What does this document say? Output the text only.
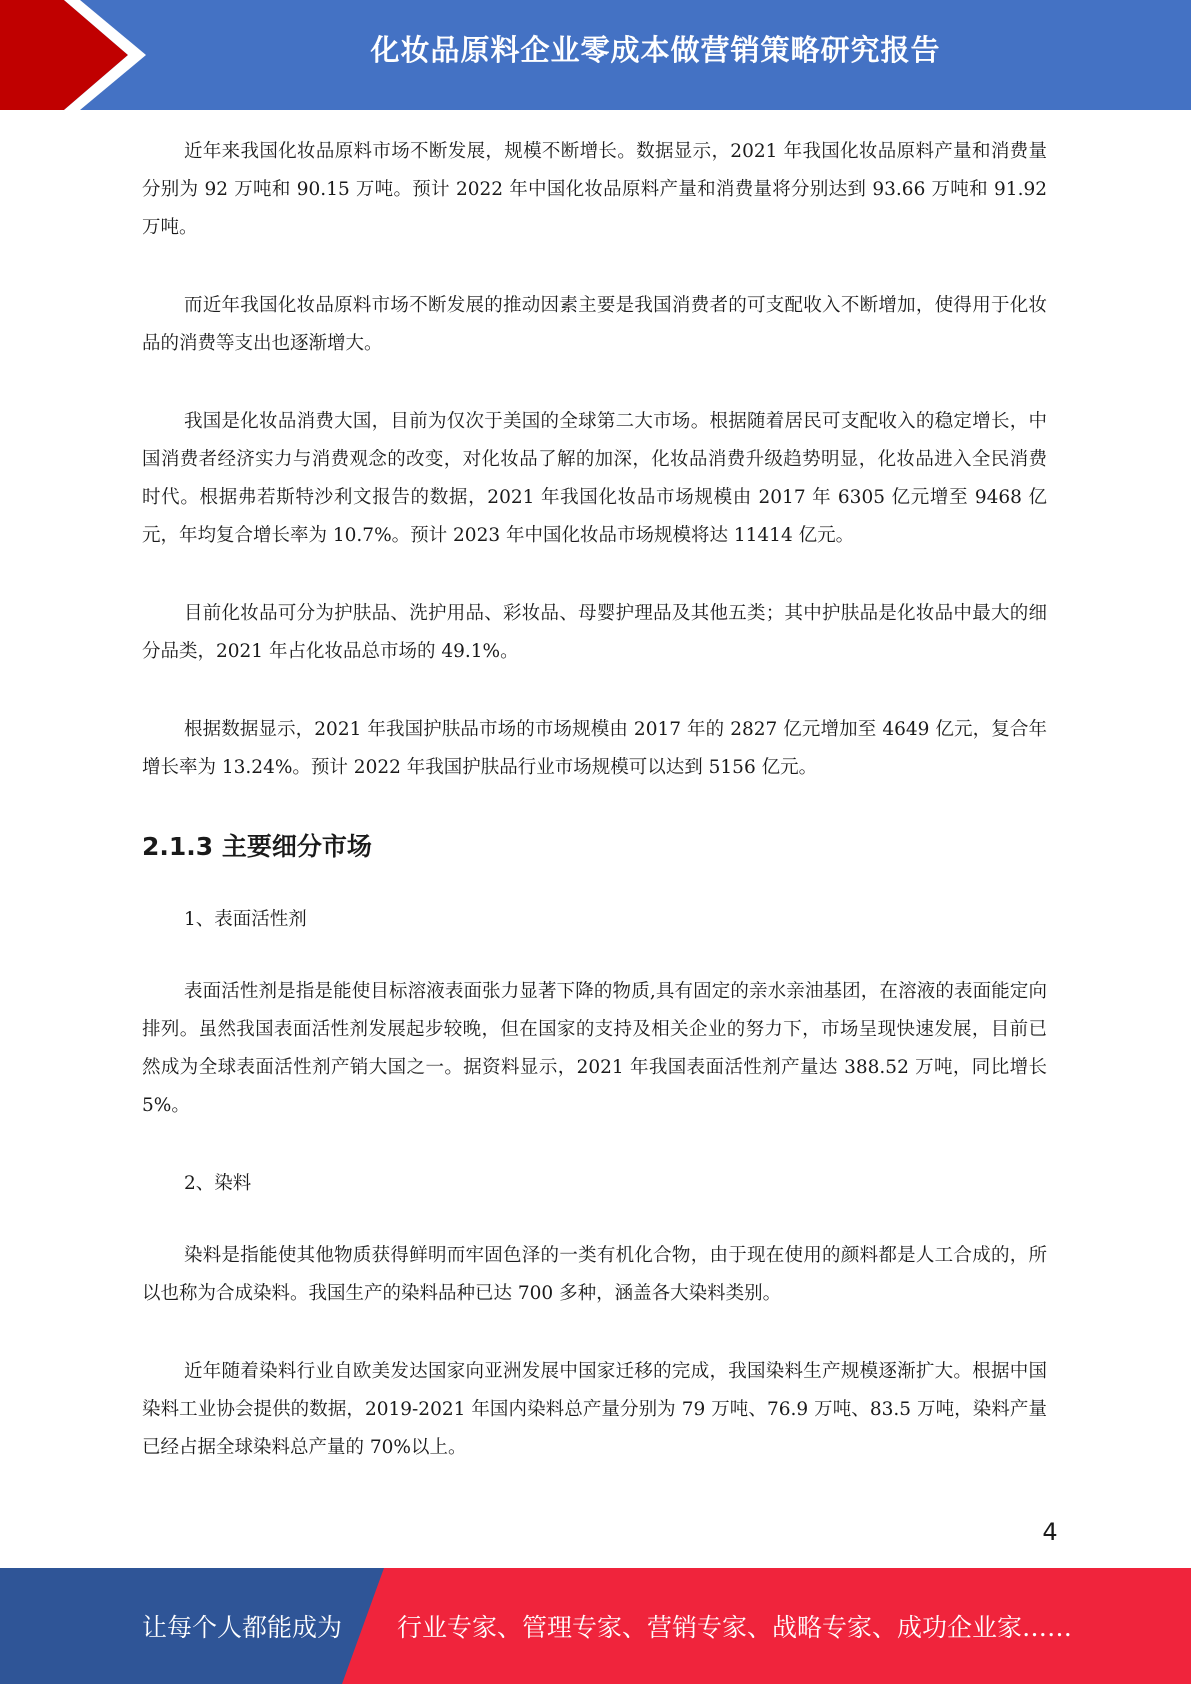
化妆品原料企业零成本做营销策略研究报告

近年来我国化妆品原料市场不断发展，规模不断增长。数据显示，2021 年我国化妆品原料产量和消费量分别为 92 万吨和 90.15 万吨。预计 2022 年中国化妆品原料产量和消费量将分别达到 93.66 万吨和 91.92 万吨。

而近年我国化妆品原料市场不断发展的推动因素主要是我国消费者的可支配收入不断增加，使得用于化妆品的消费等支出也逐渐增大。

我国是化妆品消费大国，目前为仅次于美国的全球第二大市场。根据随着居民可支配收入的稳定增长，中国消费者经济实力与消费观念的改变，对化妆品了解的加深，化妆品消费升级趋势明显，化妆品进入全民消费时代。根据弗若斯特沙利文报告的数据，2021 年我国化妆品市场规模由 2017 年 6305 亿元增至 9468 亿元，年均复合增长率为 10.7%。预计 2023 年中国化妆品市场规模将达 11414 亿元。

目前化妆品可分为护肤品、洗护用品、彩妆品、母婴护理品及其他五类；其中护肤品是化妆品中最大的细分品类，2021 年占化妆品总市场的 49.1%。

根据数据显示，2021 年我国护肤品市场的市场规模由 2017 年的 2827 亿元增加至 4649 亿元，复合年增长率为 13.24%。预计 2022 年我国护肤品行业市场规模可以达到 5156 亿元。

2.1.3 主要细分市场

1、表面活性剂

表面活性剂是指是能使目标溶液表面张力显著下降的物质,具有固定的亲水亲油基团，在溶液的表面能定向排列。虽然我国表面活性剂发展起步较晚，但在国家的支持及相关企业的努力下，市场呈现快速发展，目前已然成为全球表面活性剂产销大国之一。据资料显示，2021 年我国表面活性剂产量达 388.52 万吨，同比增长 5%。

2、染料

染料是指能使其他物质获得鲜明而牢固色泽的一类有机化合物，由于现在使用的颜料都是人工合成的，所以也称为合成染料。我国生产的染料品种已达 700 多种，涵盖各大染料类别。

近年随着染料行业自欧美发达国家向亚洲发展中国家迁移的完成，我国染料生产规模逐渐扩大。根据中国染料工业协会提供的数据，2019-2021 年国内染料总产量分别为 79 万吨、76.9 万吨、83.5 万吨，染料产量已经占据全球染料总产量的 70%以上。

4
让每个人都能成为 行业专家、管理专家、营销专家、战略专家、成功企业家……
